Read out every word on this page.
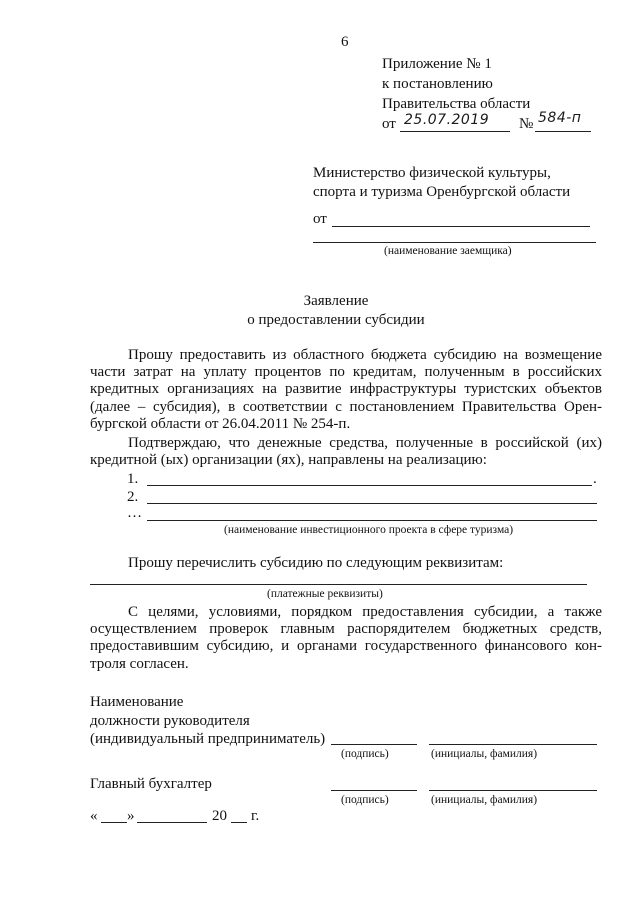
6
Приложение № 1
к постановлению
Правительства области
от 25.07.2019 № 584-п
Министерство физической культуры,
спорта и туризма Оренбургской области
от
(наименование заемщика)
Заявление
о предоставлении субсидии
Прошу предоставить из областного бюджета субсидию на возмещение
части затрат на уплату процентов по кредитам, полученным в российских
кредитных организациях на развитие инфраструктуры туристских объектов
(далее – субсидия), в соответствии с постановлением Правительства Орен-
бургской области от 26.04.2011 № 254-п.
Подтверждаю, что денежные средства, полученные в российской (их)
кредитной (ых) организации (ях), направлены на реализацию:
1.	.
2.
…
(наименование инвестиционного проекта в сфере туризма)
Прошу перечислить субсидию по следующим реквизитам:
(платежные реквизиты)
С целями, условиями, порядком предоставления субсидии, а также
осуществлением проверок главным распорядителем бюджетных средств,
предоставившим субсидию, и органами государственного финансового кон-
троля согласен.
Наименование
должности руководителя
(индивидуальный предприниматель)
(подпись)	(инициалы, фамилия)
Главный бухгалтер
(подпись)	(инициалы, фамилия)
« »	20 г.
